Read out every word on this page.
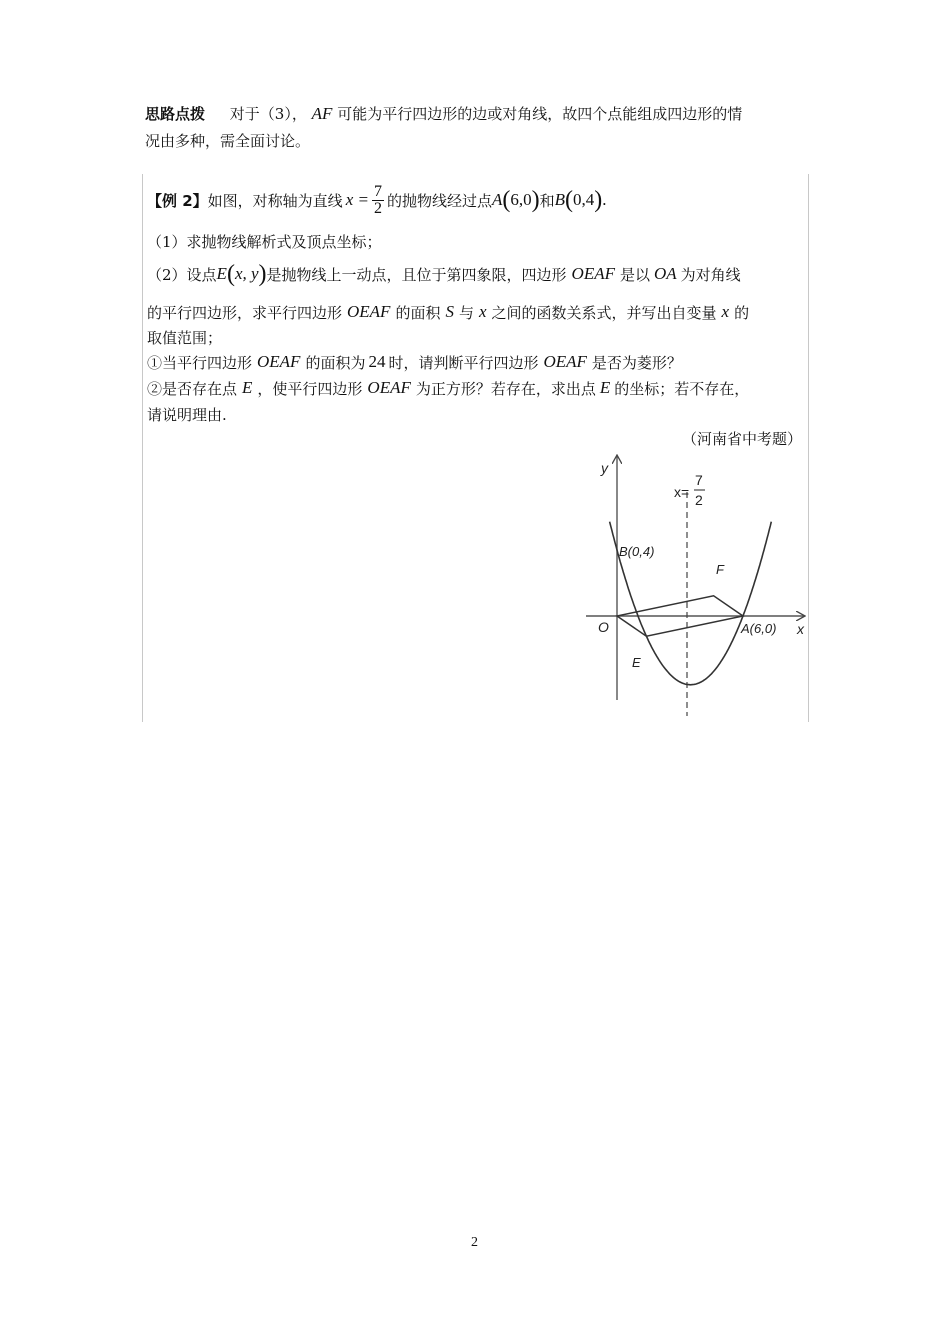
思路点拨 对于（3）， AF 可能为平行四边形的边或对角线，故四个点能组成四边形的情
况由多种，需全面讨论。
【例 2】 如图，对称轴为直线 $x = \frac{7}{2}$ 的抛物线经过点 A ( 6,0 ) 和 B ( 0,4 ) .
（1）求抛物线解析式及顶点坐标；
（2）设点 E ( x, y ) 是抛物线上一动点，且位于第四象限，四边形 OEAF 是以 OA 为对角线
的平行四边形，求平行四边形 OEAF 的面积 S 与 x 之间的函数关系式，并写出自变量 x 的
取值范围；
①当平行四边形 OEAF 的面积为 24 时，请判断平行四边形 OEAF 是否为菱形？
②是否存在点 E ，使平行四边形 OEAF 为正方形？若存在，求出点 E 的坐标；若不存在，
请说明理由.
（河南省中考题）
y
x
O
x=
7
2
B(0,4)
A(6,0)
F
E
2
